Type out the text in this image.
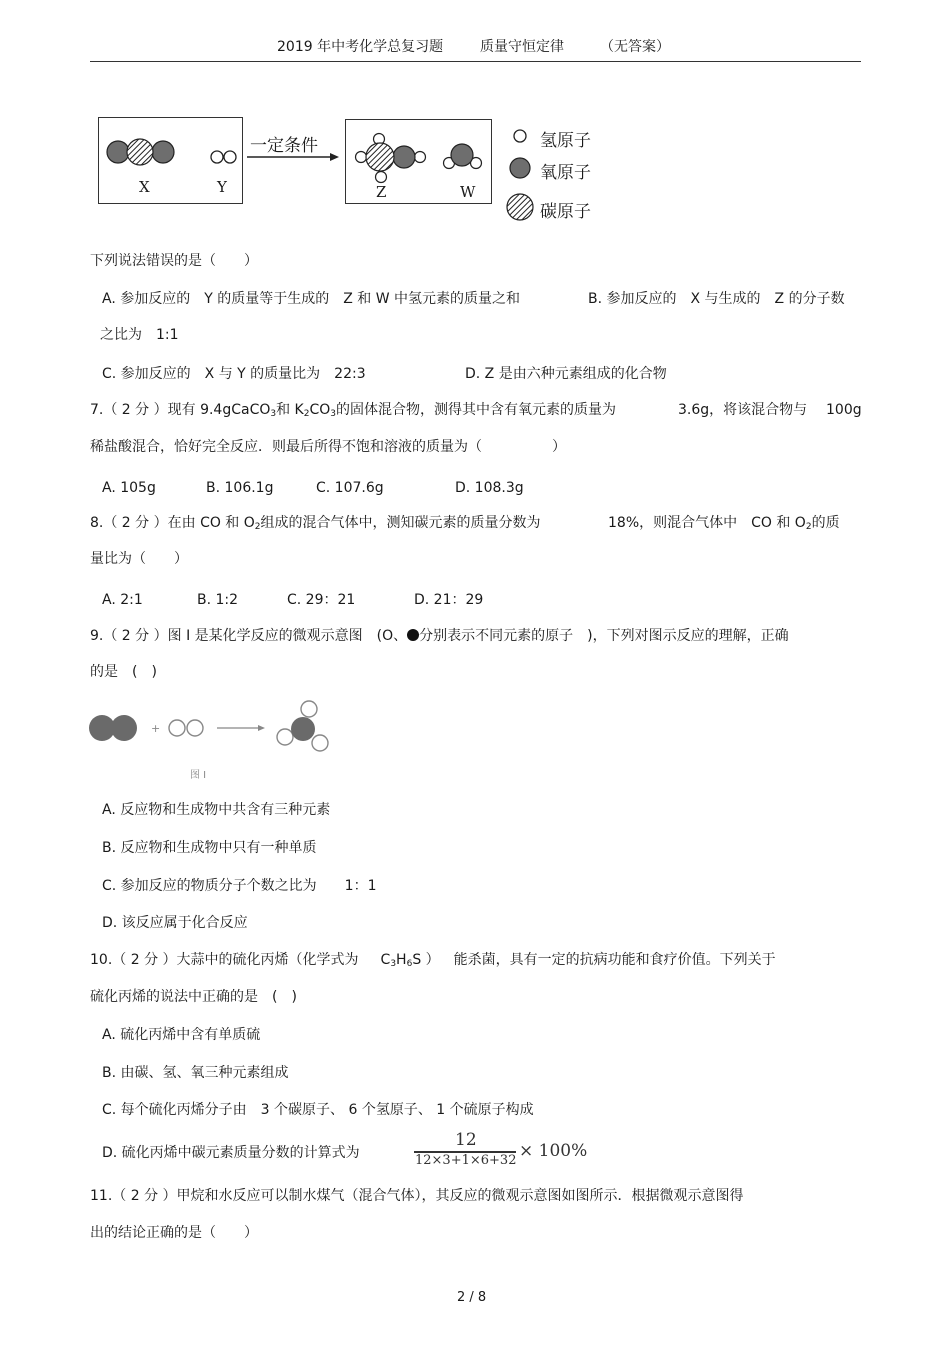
2019 年中考化学总复习题	质量守恒定律	（无答案）
一定条件
X	Y	Z	W
氢原子
氧原子
碳原子
下列说法错误的是（　　）
A. 参加反应的　Y 的质量等于生成的　Z 和 W 中氢元素的质量之和	B. 参加反应的　X 与生成的　Z 的分子数
之比为　1:1
C. 参加反应的　X 与 Y 的质量比为　22:3	D. Z 是由六种元素组成的化合物
7.（ 2 分 ）现有 9.4gCaCO$_3$和 $K_2CO_3$的固体混合物，测得其中含有氧元素的质量为	3.6g，将该混合物与 100g
稀盐酸混合，恰好完全反应．则最后所得不饱和溶液的质量为（　　　　　）
A. 105g	B. 106.1g	C. 107.6g	D. 108.3g
8.（ 2 分 ）在由 CO 和 $O_2$组成的混合气体中，测知碳元素的质量分数为	18%，则混合气体中　CO 和 $O_2$的质
量比为（　　）
A. 2:1	B. 1:2	C. 29：21	D. 21：29
9.（ 2 分 ）图 I 是某化学反应的微观示意图　(O、 分别表示不同元素的原子　)，下列对图示反应的理解，正确
的是　(　)
+
图 I
A. 反应物和生成物中共含有三种元素
B. 反应物和生成物中只有一种单质
C. 参加反应的物质分子个数之比为　　1：1
D. 该反应属于化合反应
10.（ 2 分 ）大蒜中的硫化丙烯（化学式为 $C_3H_6S$ ） 能杀菌，具有一定的抗病功能和食疗价值。下列关于
硫化丙烯的说法中正确的是　(　)
A. 硫化丙烯中含有单质硫
B. 由碳、氢、氧三种元素组成
C. 每个硫化丙烯分子由　3 个碳原子、 6 个氢原子、 1 个硫原子构成
D. 硫化丙烯中碳元素质量分数的计算式为
12
12×3+1×6+32 × 100%
11.（ 2 分 ）甲烷和水反应可以制水煤气（混合气体），其反应的微观示意图如图所示．根据微观示意图得
出的结论正确的是（　　）
2 / 8
